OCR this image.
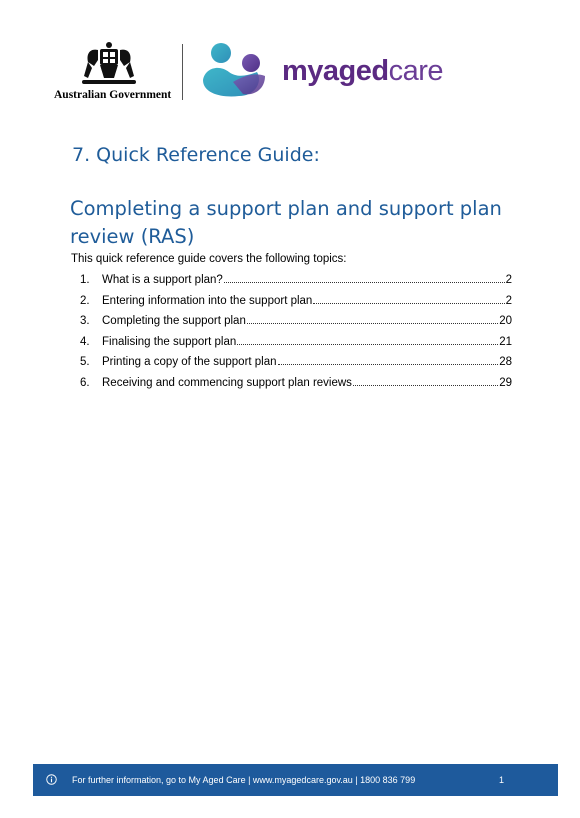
Australian Government
myagedcare
7. Quick Reference Guide:
Completing a support plan and support plan review (RAS)
This quick reference guide covers the following topics:
1.	What is a support plan?	2
2.	Entering information into the support plan	2
3.	Completing the support plan	20
4.	Finalising the support plan	21
5.	Printing a copy of the support plan	28
6.	Receiving and commencing support plan reviews	29
For further information, go to My Aged Care | www.myagedcare.gov.au | 1800 836 799	1
